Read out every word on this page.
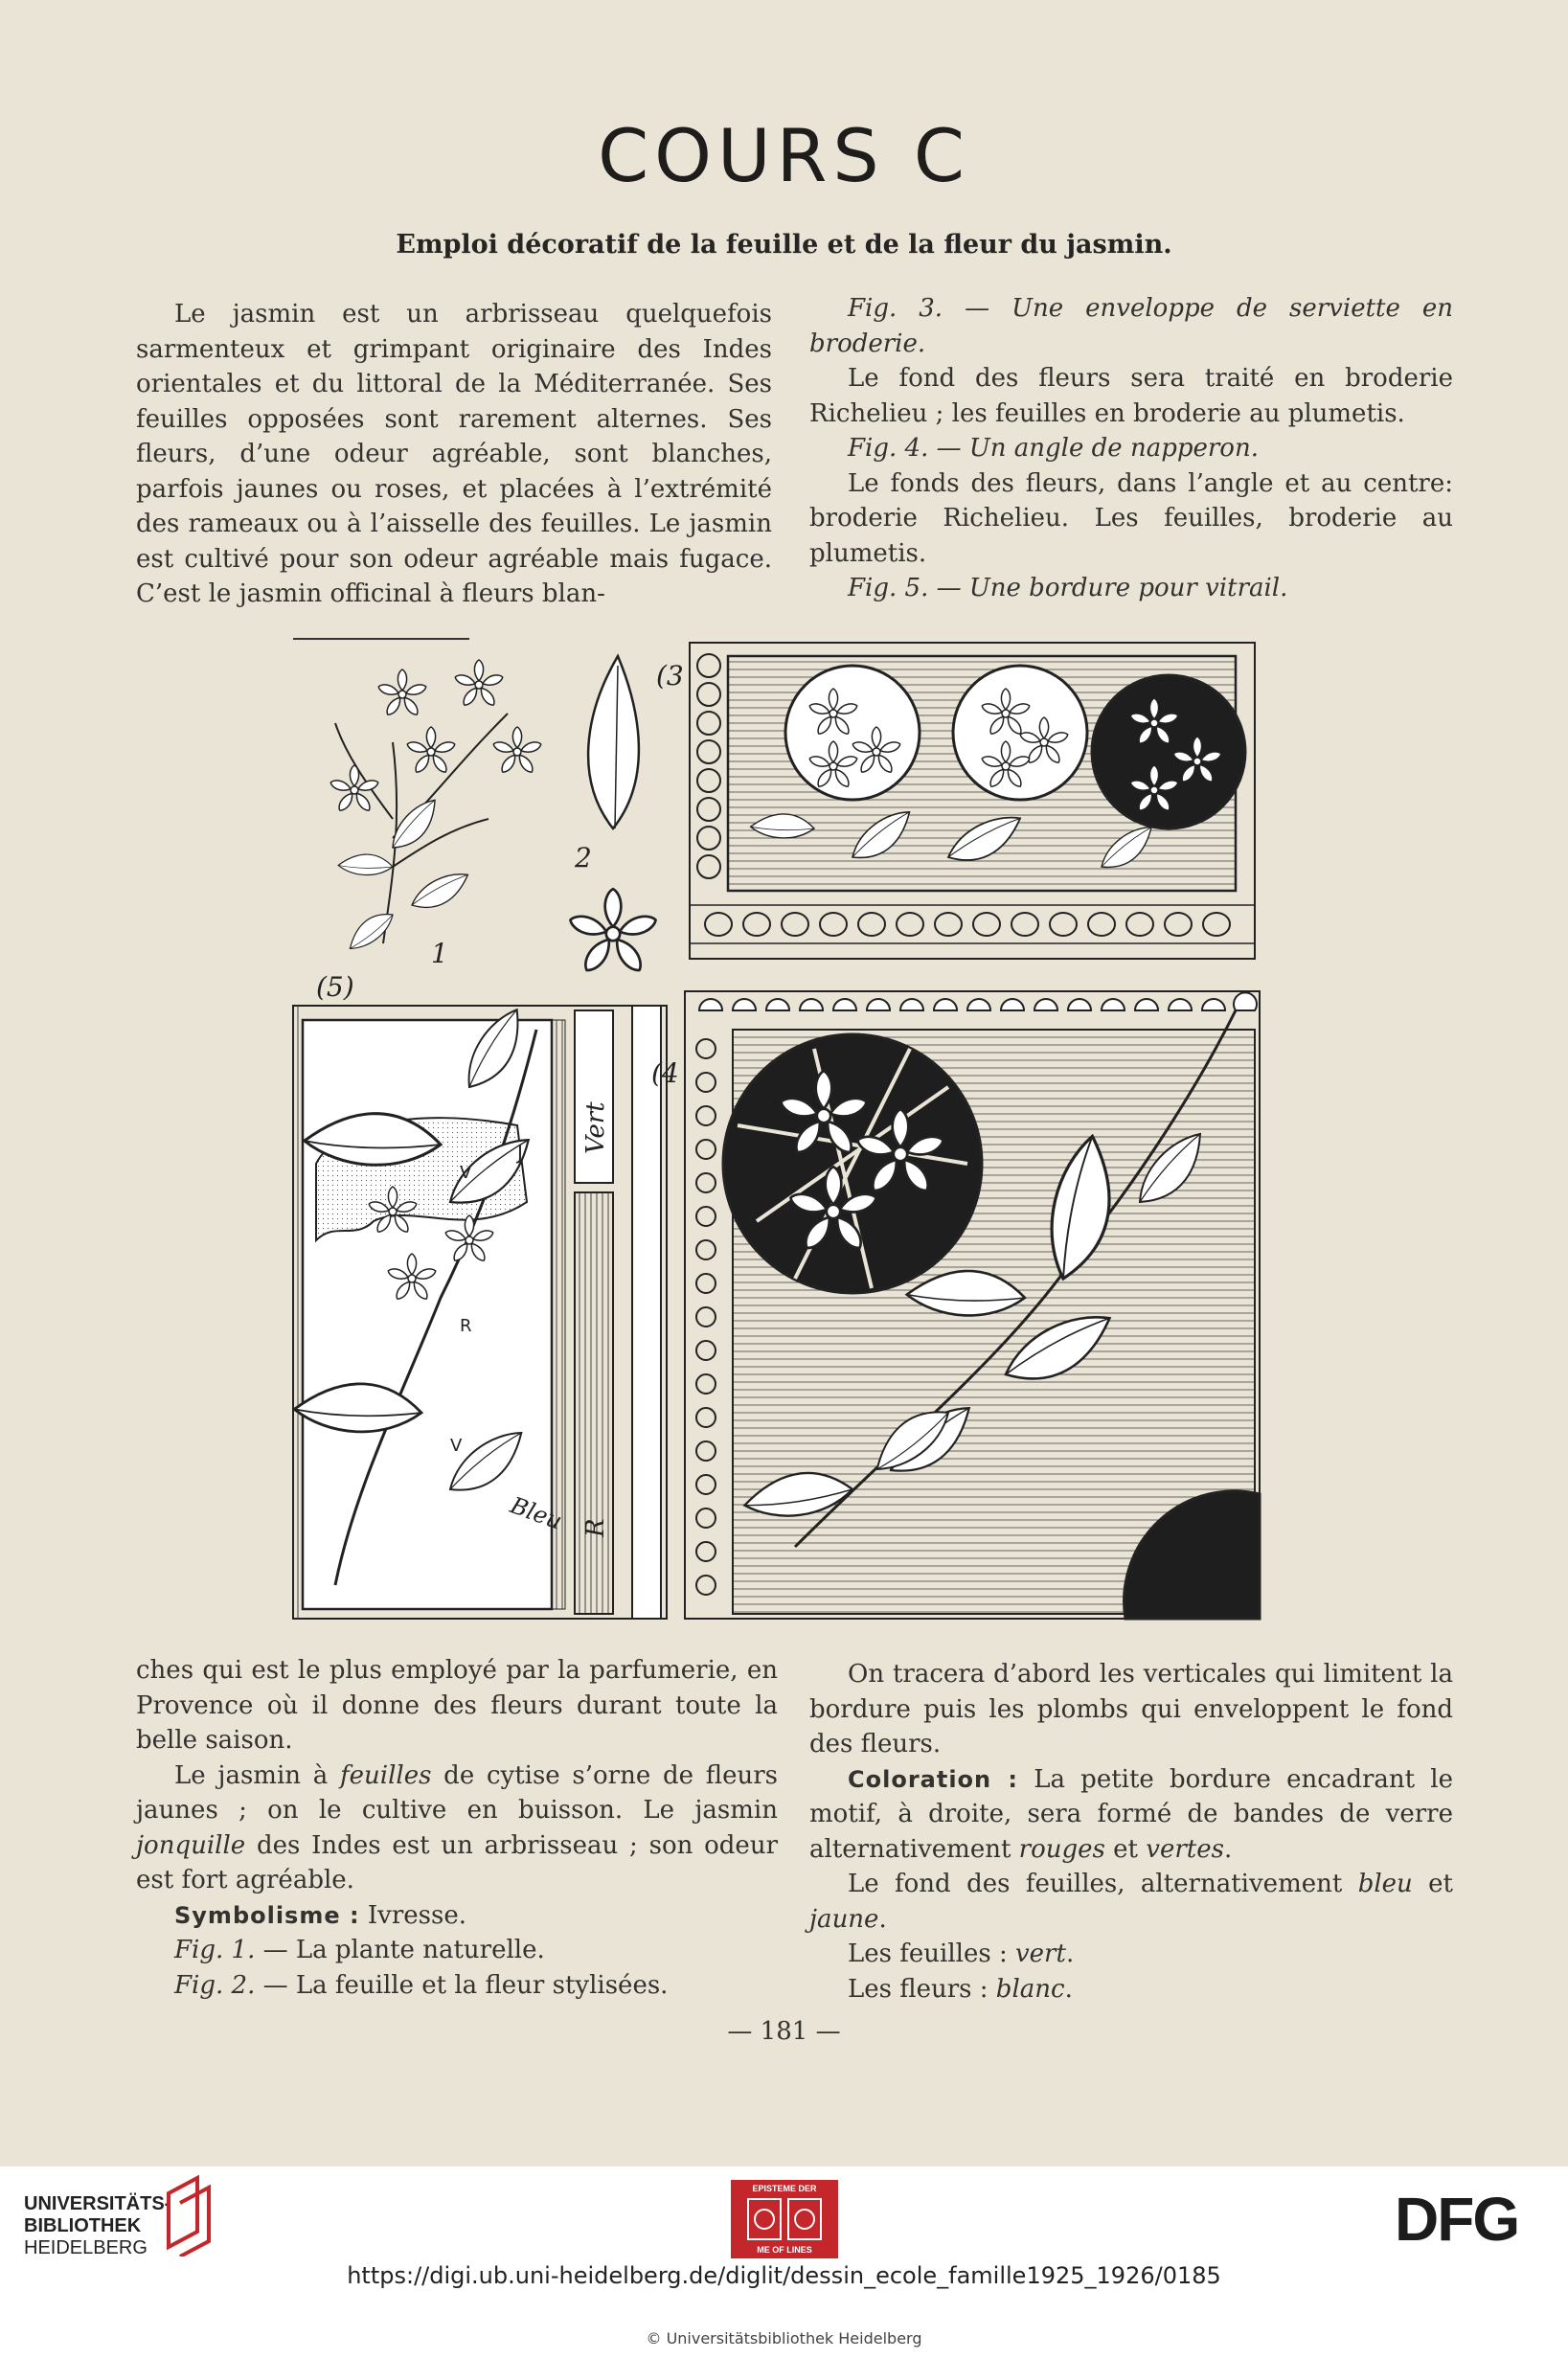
COURS C
Emploi décoratif de la feuille et de la fleur du jasmin.

Le jasmin est un arbrisseau quelquefois sarmenteux et grimpant originaire des Indes orientales et du littoral de la Méditerranée. Ses feuilles opposées sont rarement alternes. Ses fleurs, d’une odeur agréable, sont blanches, parfois jaunes ou roses, et placées à l’extrémité des rameaux ou à l’aisselle des feuilles. Le jasmin est cultivé pour son odeur agréable mais fugace. C’est le jasmin officinal à fleurs blan-

Fig. 3. — Une enveloppe de serviette en broderie.

Le fond des fleurs sera traité en broderie Richelieu ; les feuilles en broderie au plumetis.

Fig. 4. — Un angle de napperon.

Le fonds des fleurs, dans l’angle et au centre: broderie Richelieu. Les feuilles, broderie au plumetis.

Fig. 5. — Une bordure pour vitrail.

1
2
(3
(5)
Vert
R
J
V
R
V
Bleu
(4

ches qui est le plus employé par la parfumerie, en Provence où il donne des fleurs durant toute la belle saison.

Le jasmin à feuilles de cytise s’orne de fleurs jaunes ; on le cultive en buisson. Le jasmin jonquille des Indes est un arbrisseau ; son odeur est fort agréable.

Symbolisme : Ivresse.

Fig. 1. — La plante naturelle.

Fig. 2. — La feuille et la fleur stylisées.

On tracera d’abord les verticales qui limitent la bordure puis les plombs qui enveloppent le fond des fleurs.

Coloration : La petite bordure encadrant le motif, à droite, sera formé de bandes de verre alternativement rouges et vertes.

Le fond des feuilles, alternativement bleu et jaune.

Les feuilles : vert.

Les fleurs : blanc.

— 181 —
UNIVERSITÄTS-
BIBLIOTHEK
HEIDELBERG
EPISTEME DER
ME OF LINES	DFG
https://digi.ub.uni-heidelberg.de/diglit/dessin_ecole_famille1925_1926/0185
© Universitätsbibliothek Heidelberg
